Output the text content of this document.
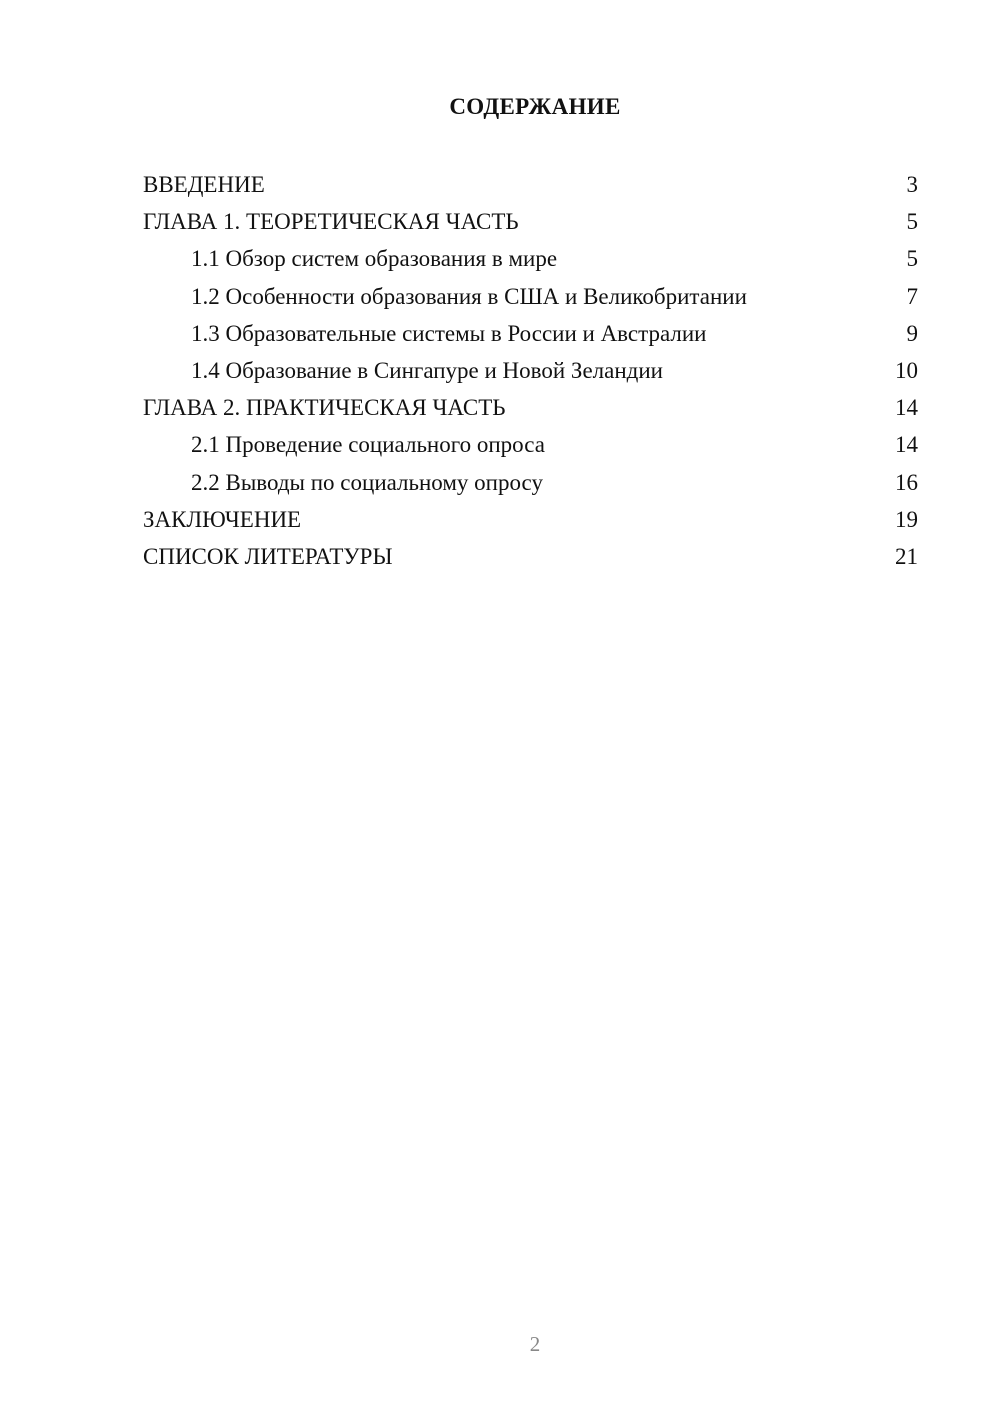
СОДЕРЖАНИЕ
ВВЕДЕНИЕ	3
ГЛАВА 1. ТЕОРЕТИЧЕСКАЯ ЧАСТЬ	5
1.1 Обзор систем образования в мире	5
1.2 Особенности образования в США и Великобритании	7
1.3 Образовательные системы в России и Австралии	9
1.4 Образование в Сингапуре и Новой Зеландии	10
ГЛАВА 2. ПРАКТИЧЕСКАЯ ЧАСТЬ	14
2.1 Проведение социального опроса	14
2.2 Выводы по социальному опросу	16
ЗАКЛЮЧЕНИЕ	19
СПИСОК ЛИТЕРАТУРЫ	21
2
